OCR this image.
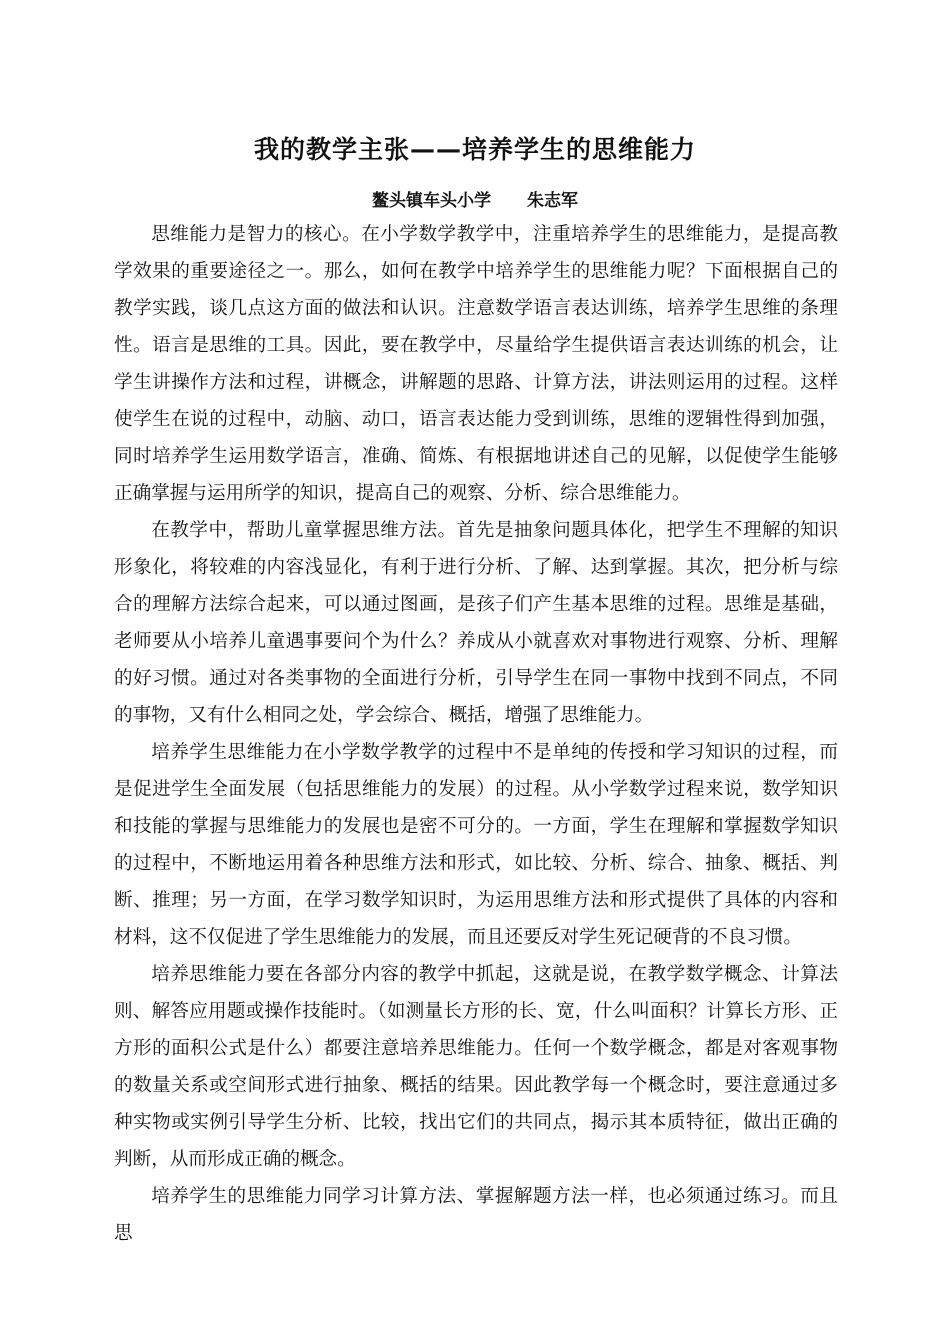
我的教学主张——培养学生的思维能力
鳌头镇车头小学 朱志军

思维能力是智力的核心。在小学数学教学中，注重培养学生的思维能力，是提高教学效果的重要途径之一。那么，如何在教学中培养学生的思维能力呢？下面根据自己的教学实践，谈几点这方面的做法和认识。注意数学语言表达训练，培养学生思维的条理性。语言是思维的工具。因此，要在教学中，尽量给学生提供语言表达训练的机会，让学生讲操作方法和过程，讲概念，讲解题的思路、计算方法，讲法则运用的过程。这样使学生在说的过程中，动脑、动口，语言表达能力受到训练，思维的逻辑性得到加强，同时培养学生运用数学语言，准确、简炼、有根据地讲述自己的见解，以促使学生能够正确掌握与运用所学的知识，提高自己的观察、分析、综合思维能力。

在教学中，帮助儿童掌握思维方法。首先是抽象问题具体化，把学生不理解的知识形象化，将较难的内容浅显化，有利于进行分析、了解、达到掌握。其次，把分析与综合的理解方法综合起来，可以通过图画，是孩子们产生基本思维的过程。思维是基础，老师要从小培养儿童遇事要问个为什么？养成从小就喜欢对事物进行观察、分析、理解的好习惯。通过对各类事物的全面进行分析，引导学生在同一事物中找到不同点，不同的事物，又有什么相同之处，学会综合、概括，增强了思维能力。

培养学生思维能力在小学数学教学的过程中不是单纯的传授和学习知识的过程，而是促进学生全面发展（包括思维能力的发展）的过程。从小学数学过程来说，数学知识和技能的掌握与思维能力的发展也是密不可分的。一方面，学生在理解和掌握数学知识的过程中，不断地运用着各种思维方法和形式，如比较、分析、综合、抽象、概括、判断、推理；另一方面，在学习数学知识时，为运用思维方法和形式提供了具体的内容和材料，这不仅促进了学生思维能力的发展，而且还要反对学生死记硬背的不良习惯。

培养思维能力要在各部分内容的教学中抓起，这就是说，在教学数学概念、计算法则、解答应用题或操作技能时。（如测量长方形的长、宽，什么叫面积？计算长方形、正方形的面积公式是什么）都要注意培养思维能力。任何一个数学概念，都是对客观事物的数量关系或空间形式进行抽象、概括的结果。因此教学每一个概念时，要注意通过多种实物或实例引导学生分析、比较，找出它们的共同点，揭示其本质特征，做出正确的判断，从而形成正确的概念。

培养学生的思维能力同学习计算方法、掌握解题方法一样，也必须通过练习。而且思
